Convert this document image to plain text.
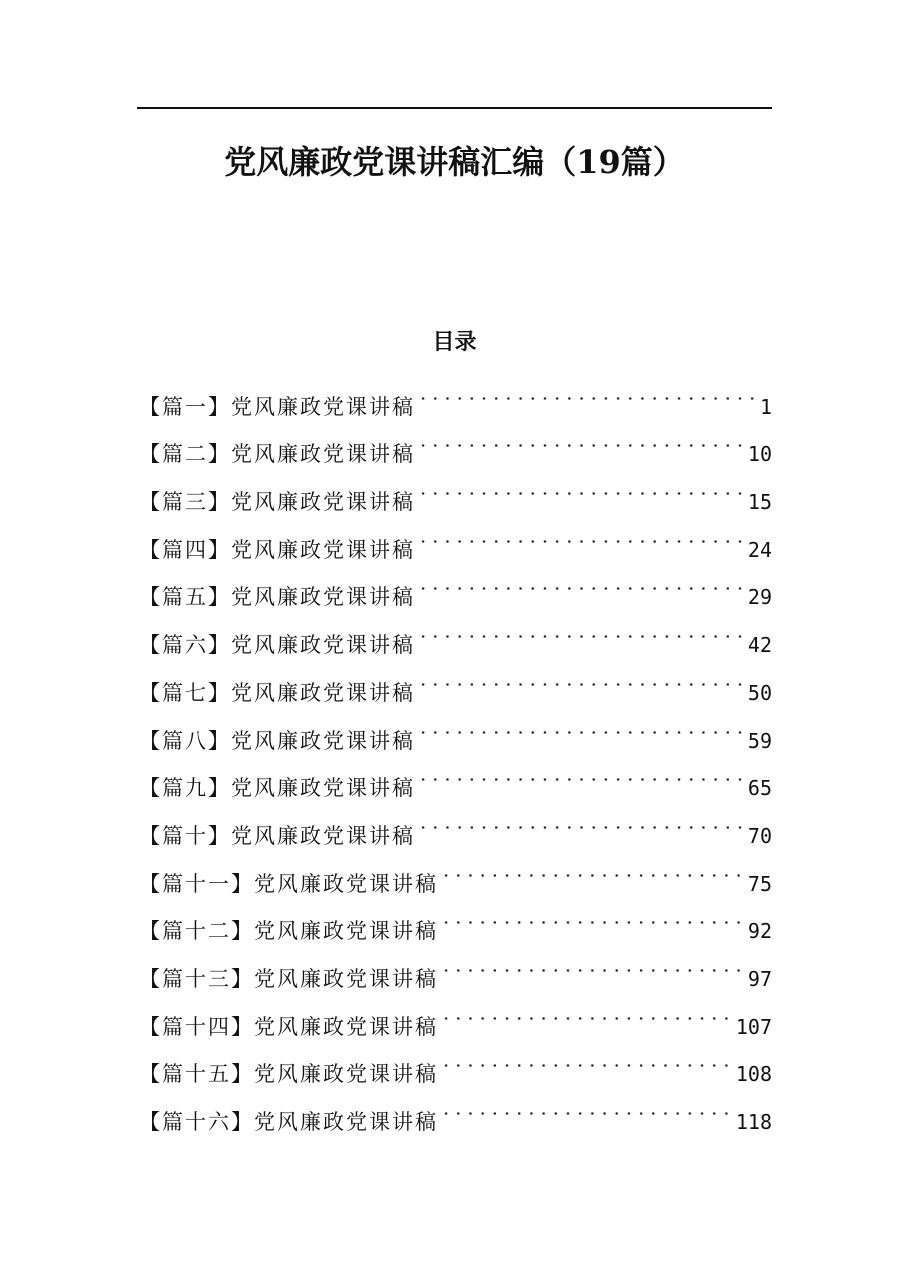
党风廉政党课讲稿汇编（19篇）
目录
【篇一】党风廉政党课讲稿	1
【篇二】党风廉政党课讲稿	10
【篇三】党风廉政党课讲稿	15
【篇四】党风廉政党课讲稿	24
【篇五】党风廉政党课讲稿	29
【篇六】党风廉政党课讲稿	42
【篇七】党风廉政党课讲稿	50
【篇八】党风廉政党课讲稿	59
【篇九】党风廉政党课讲稿	65
【篇十】党风廉政党课讲稿	70
【篇十一】党风廉政党课讲稿	75
【篇十二】党风廉政党课讲稿	92
【篇十三】党风廉政党课讲稿	97
【篇十四】党风廉政党课讲稿	107
【篇十五】党风廉政党课讲稿	108
【篇十六】党风廉政党课讲稿	118
